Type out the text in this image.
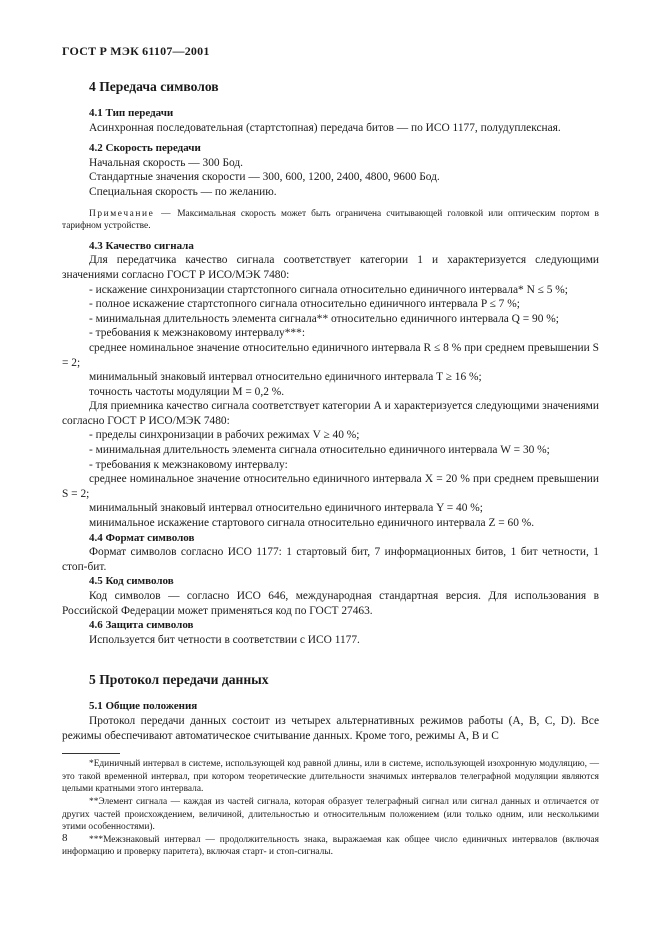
ГОСТ Р МЭК 61107—2001
4 Передача символов
4.1 Тип передачи

Асинхронная последовательная (стартстопная) передача битов — по ИСО 1177, полудуплексная.

4.2 Скорость передачи

Начальная скорость — 300 Бод.

Стандартные значения скорости — 300, 600, 1200, 2400, 4800, 9600 Бод.

Специальная скорость — по желанию.

Примечание — Максимальная скорость может быть ограничена считывающей головкой или оптическим портом в тарифном устройстве.

4.3 Качество сигнала

Для передатчика качество сигнала соответствует категории 1 и характеризуется следующими значениями согласно ГОСТ Р ИСО/МЭК 7480:

- искажение синхронизации стартстопного сигнала относительно единичного интервала* N ≤ 5 %;

- полное искажение стартстопного сигнала относительно единичного интервала P ≤ 7 %;

- минимальная длительность элемента сигнала** относительно единичного интервала Q = 90 %;

- требования к межзнаковому интервалу***:

среднее номинальное значение относительно единичного интервала R ≤ 8 % при среднем превышении S = 2;

минимальный знаковый интервал относительно единичного интервала T ≥ 16 %;

точность частоты модуляции M = 0,2 %.

Для приемника качество сигнала соответствует категории А и характеризуется следующими значениями согласно ГОСТ Р ИСО/МЭК 7480:

- пределы синхронизации в рабочих режимах V ≥ 40 %;

- минимальная длительность элемента сигнала относительно единичного интервала W = 30 %;

- требования к межзнаковому интервалу:

среднее номинальное значение относительно единичного интервала X = 20 % при среднем превышении S = 2;

минимальный знаковый интервал относительно единичного интервала Y = 40 %;

минимальное искажение стартового сигнала относительно единичного интервала Z = 60 %.

4.4 Формат символов

Формат символов согласно ИСО 1177: 1 стартовый бит, 7 информационных битов, 1 бит четности, 1 стоп-бит.

4.5 Код символов

Код символов — согласно ИСО 646, международная стандартная версия. Для использования в Российской Федерации может применяться код по ГОСТ 27463.

4.6 Защита символов

Используется бит четности в соответствии с ИСО 1177.

5 Протокол передачи данных
5.1 Общие положения

Протокол передачи данных состоит из четырех альтернативных режимов работы (А, В, С, D). Все режимы обеспечивают автоматическое считывание данных. Кроме того, режимы А, В и С

*Единичный интервал в системе, использующей код равной длины, или в системе, использующей изохронную модуляцию, — это такой временной интервал, при котором теоретические длительности значимых интервалов телеграфной модуляции являются целыми кратными этого интервала.

**Элемент сигнала — каждая из частей сигнала, которая образует телеграфный сигнал или сигнал данных и отличается от других частей происхождением, величиной, длительностью и относительным положением (или только одним, или несколькими этими особенностями).

***Межзнаковый интервал — продолжительность знака, выражаемая как общее число единичных интервалов (включая информацию и проверку паритета), включая старт- и стоп-сигналы.

8
